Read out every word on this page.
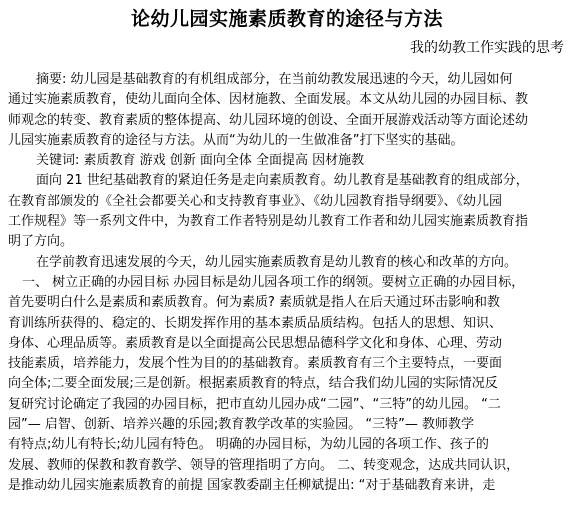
论幼儿园实施素质教育的途径与方法
我的幼教工作实践的思考
摘要: 幼儿园是基础教育的有机组成部分，在当前幼教发展迅速的今天，幼儿园如何
通过实施素质教育，使幼儿面向全体、因材施教、全面发展。本文从幼儿园的办园目标、教
师观念的转变、教育素质的整体提高、幼儿园环境的创设、全面开展游戏活动等方面论述幼
儿园实施素质教育的途径与方法。从而“为幼儿的一生做准备”打下坚实的基础。
关键词: 素质教育 游戏 创新 面向全体 全面提高 因材施教
面向 21 世纪基础教育的紧迫任务是走向素质教育。幼儿教育是基础教育的组成部分，
在教育部颁发的《全社会都要关心和支持教育事业》、《幼儿园教育指导纲要》、《幼儿园
工作规程》等一系列文件中，为教育工作者特别是幼儿教育工作者和幼儿园实施素质教育指
明了方向。
在学前教育迅速发展的今天，幼儿园实施素质教育是幼儿教育的核心和改革的方向。
一、 树立正确的办园目标 办园目标是幼儿园各项工作的纲领。要树立正确的办园目标，
首先要明白什么是素质和素质教育。何为素质? 素质就是指人在后天通过环击影响和教
育训练所获得的、稳定的、长期发挥作用的基本素质品质结构。包括人的思想、知识、
身体、心理品质等。素质教育是以全面提高公民思想品德科学文化和身体、心理、劳动
技能素质，培养能力，发展个性为目的的基础教育。素质教育有三个主要特点，一要面
向全体;二要全面发展;三是创新。根据素质教育的特点，结合我们幼儿园的实际情况反
复研究讨论确定了我园的办园目标，把市直幼儿园办成“二园”、“三特”的幼儿园。 “二
园”— 启智、创新、培养兴趣的乐园;教育教学改革的实验园。 “三特”— 教师教学
有特点;幼儿有特长;幼儿园有特色。 明确的办园目标，为幼儿园的各项工作、孩子的
发展、教师的保教和教育教学、领导的管理指明了方向。 二、转变观念，达成共同认识，
是推动幼儿园实施素质教育的前提 国家教委副主任柳斌提出: “对于基础教育来讲，走
